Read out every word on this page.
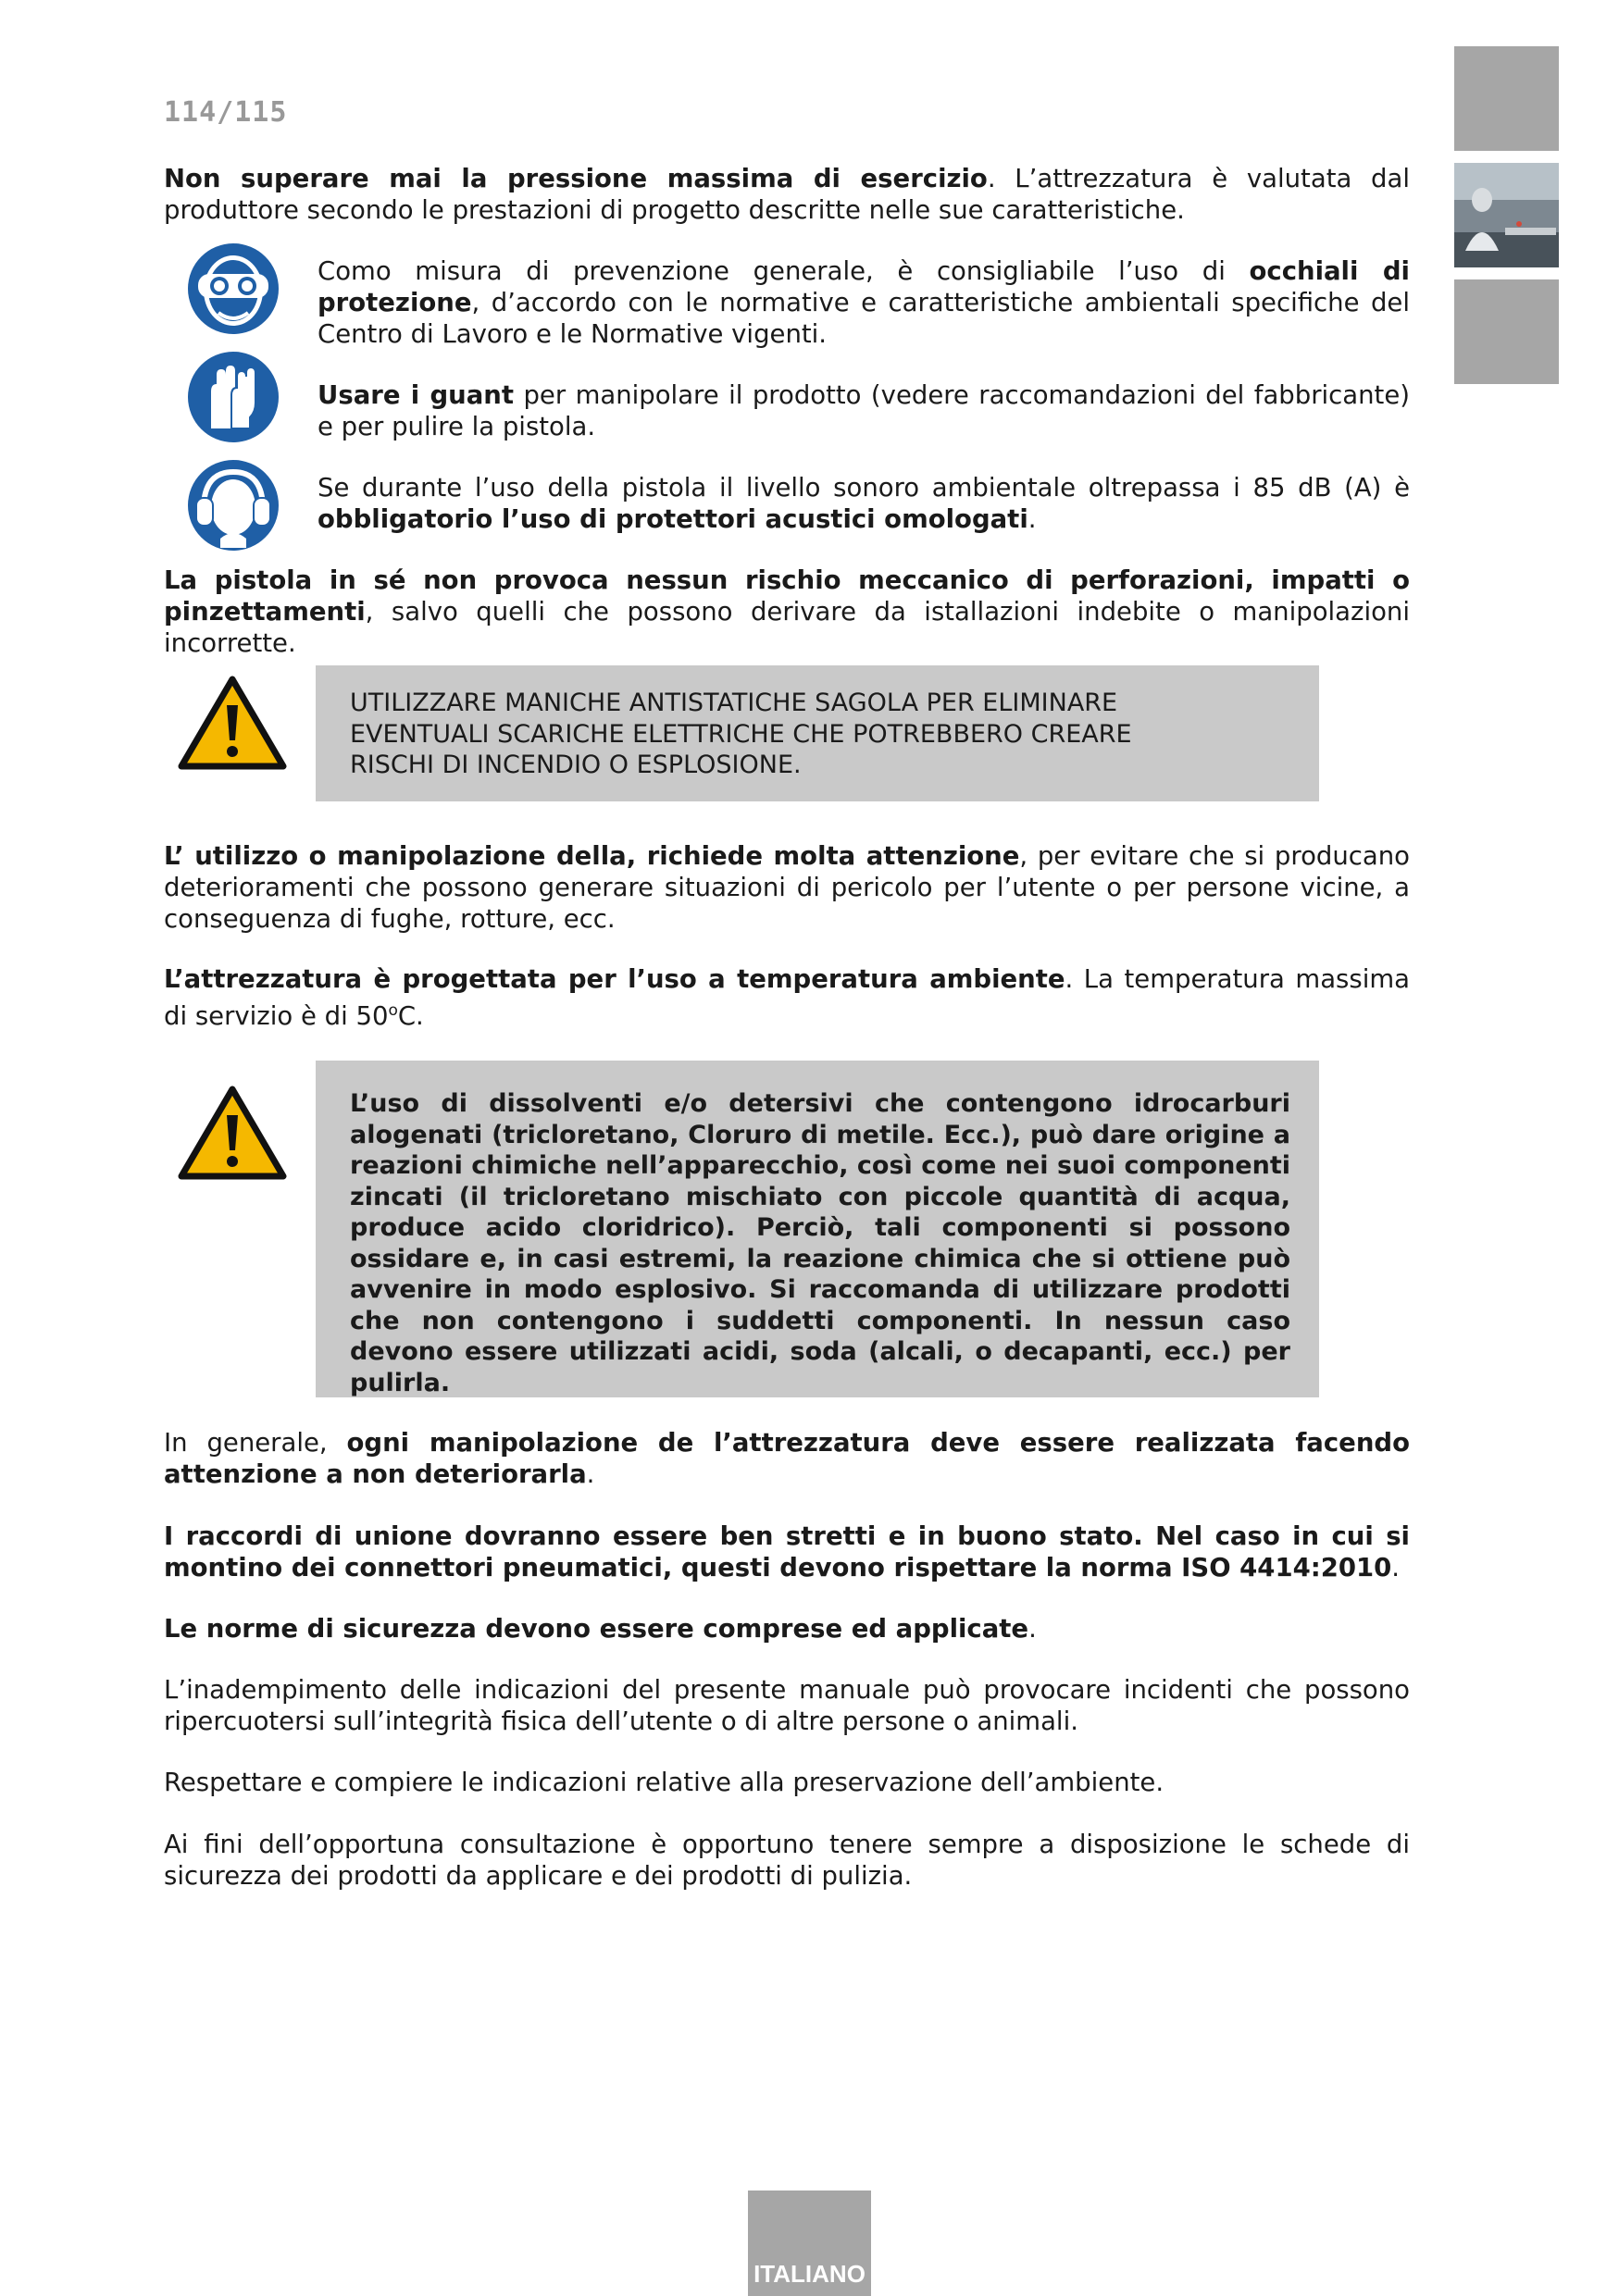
114/115

Non superare mai la pressione massima di esercizio. L’attrezzatura è valutata dal produttore secondo le prestazioni di progetto descritte nelle sue caratteristiche.

Como misura di prevenzione generale, è consigliabile l’uso di occhiali di protezione, d’accordo con le normative e caratteristiche ambientali specifiche del Centro di Lavoro e le Normative vigenti.

Usare i guant per manipolare il prodotto (vedere raccomandazioni del fabbricante) e per pulire la pistola.

Se durante l’uso della pistola il livello sonoro ambientale oltrepassa i 85 dB (A) è obbligatorio l’uso di protettori acustici omologati.

La pistola in sé non provoca nessun rischio meccanico di perforazioni, impatti o pinzettamenti, salvo quelli che possono derivare da istallazioni indebite o manipolazioni incorrette.

UTILIZZARE MANICHE ANTISTATICHE SAGOLA PER ELIMINARE EVENTUALI SCARICHE ELETTRICHE CHE POTREBBERO CREARE RISCHI DI INCENDIO O ESPLOSIONE.

L’ utilizzo o manipolazione della, richiede molta attenzione, per evitare che si producano deterioramenti che possono generare situazioni di pericolo per l’utente o per persone vicine, a conseguenza di fughe, rotture, ecc.

L’attrezzatura è progettata per l’uso a temperatura ambiente. La temperatura massima di servizio è di 50$^o$C.

L’uso di dissolventi e/o detersivi che contengono idrocarburi alogenati (tricloretano, Cloruro di metile. Ecc.), può dare origine a reazioni chimiche nell’apparecchio, così come nei suoi componenti zincati (il tricloretano mischiato con piccole quantità di acqua, produce acido cloridrico). Perciò, tali componenti si possono ossidare e, in casi estremi, la reazione chimica che si ottiene può avvenire in modo esplosivo. Si raccomanda di utilizzare prodotti che non contengono i suddetti componenti. In nessun caso devono essere utilizzati acidi, soda (alcali, o decapanti, ecc.) per pulirla.

In generale, ogni manipolazione de l’attrezzatura deve essere realizzata facendo attenzione a non deteriorarla.

I raccordi di unione dovranno essere ben stretti e in buono stato. Nel caso in cui si montino dei connettori pneumatici, questi devono rispettare la norma ISO 4414:2010.

Le norme di sicurezza devono essere comprese ed applicate.

L’inadempimento delle indicazioni del presente manuale può provocare incidenti che possono ripercuotersi sull’integrità fisica dell’utente o di altre persone o animali.

Respettare e compiere le indicazioni relative alla preservazione dell’ambiente.

Ai fini dell’opportuna consultazione è opportuno tenere sempre a disposizione le schede di sicurezza dei prodotti da applicare e dei prodotti di pulizia.

ITALIANO
